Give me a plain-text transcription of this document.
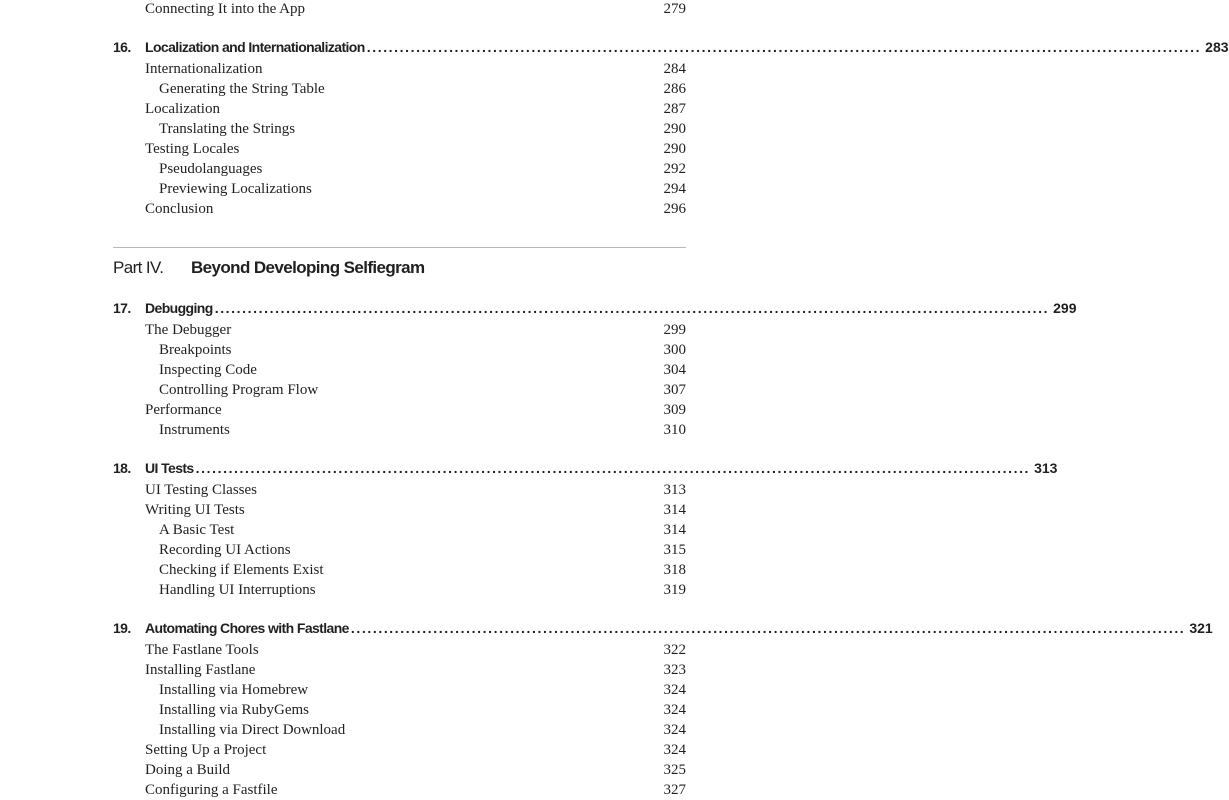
Connecting It into the App	279
16.	Localization and Internationalization ........................................................................................................................................................ 283
Internationalization	284
Generating the String Table	286
Localization	287
Translating the Strings	290
Testing Locales	290
Pseudolanguages	292
Previewing Localizations	294
Conclusion	296
Part IV. Beyond Developing Selfiegram
17.	Debugging ........................................................................................................................................................ 299
The Debugger	299
Breakpoints	300
Inspecting Code	304
Controlling Program Flow	307
Performance	309
Instruments	310
18.	UI Tests ........................................................................................................................................................ 313
UI Testing Classes	313
Writing UI Tests	314
A Basic Test	314
Recording UI Actions	315
Checking if Elements Exist	318
Handling UI Interruptions	319
19.	Automating Chores with Fastlane ........................................................................................................................................................ 321
The Fastlane Tools	322
Installing Fastlane	323
Installing via Homebrew	324
Installing via RubyGems	324
Installing via Direct Download	324
Setting Up a Project	324
Doing a Build	325
Configuring a Fastfile	327
